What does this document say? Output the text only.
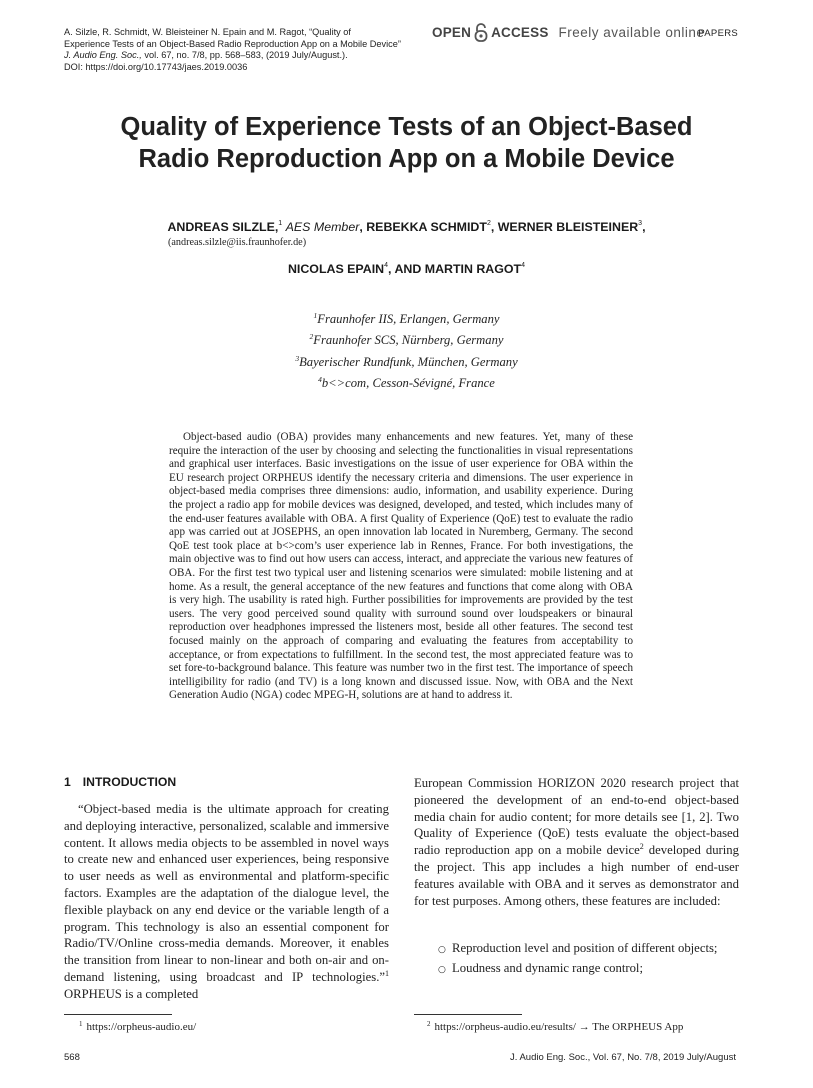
A. Silzle, R. Schmidt, W. Bleisteiner N. Epain and M. Ragot, “Quality of
Experience Tests of an Object-Based Radio Reproduction App on a Mobile Device”
J. Audio Eng. Soc., vol. 67, no. 7/8, pp. 568–583, (2019 July/August.).
DOI: https://doi.org/10.17743/jaes.2019.0036
OPEN ACCESS Freely available online
PAPERS
Quality of Experience Tests of an Object-Based
Radio Reproduction App on a Mobile Device
ANDREAS SILZLE,$^1$ AES Member, REBEKKA SCHMIDT$^2$, WERNER BLEISTEINER$^3$,
(andreas.silzle@iis.fraunhofer.de)
NICOLAS EPAIN$^4$, AND MARTIN RAGOT$^4$
$^1$Fraunhofer IIS, Erlangen, Germany
$^2$Fraunhofer SCS, Nürnberg, Germany
$^3$Bayerischer Rundfunk, München, Germany
$^4$b<>com, Cesson-Sévigné, France
Object-based audio (OBA) provides many enhancements and new features. Yet, many of these require the interaction of the user by choosing and selecting the functionalities in visual representations and graphical user interfaces. Basic investigations on the issue of user experience for OBA within the EU research project ORPHEUS identify the necessary criteria and dimensions. The user experience in object-based media comprises three dimensions: audio, information, and usability experience. During the project a radio app for mobile devices was designed, developed, and tested, which includes many of the end-user features available with OBA. A first Quality of Experience (QoE) test to evaluate the radio app was carried out at JOSEPHS, an open innovation lab located in Nuremberg, Germany. The second QoE test took place at b<>com’s user experience lab in Rennes, France. For both investigations, the main objective was to find out how users can access, interact, and appreciate the various new features of OBA. For the first test two typical user and listening scenarios were simulated: mobile listening and at home. As a result, the general acceptance of the new features and functions that come along with OBA is very high. The usability is rated high. Further possibilities for improvements are provided by the test users. The very good perceived sound quality with surround sound over loudspeakers or binaural reproduction over headphones impressed the listeners most, beside all other features. The second test focused mainly on the approach of comparing and evaluating the features from acceptability to acceptance, or from expectations to fulfillment. In the second test, the most appreciated feature was to set fore-to-background balance. This feature was number two in the first test. The importance of speech intelligibility for radio (and TV) is a long known and discussed issue. Now, with OBA and the Next Generation Audio (NGA) codec MPEG-H, solutions are at hand to address it.
1 INTRODUCTION
“Object-based media is the ultimate approach for creating and deploying interactive, personalized, scalable and immersive content. It allows media objects to be assembled in novel ways to create new and enhanced user experiences, being responsive to user needs as well as environmental and platform-specific factors. Examples are the adaptation of the dialogue level, the flexible playback on any end device or the variable length of a program. This technology is also an essential component for Radio/TV/Online cross-media demands. Moreover, it enables the transition from linear to non-linear and both on-air and on-demand listening, using broadcast and IP technologies.”$^1$ ORPHEUS is a completed
European Commission HORIZON 2020 research project that pioneered the development of an end-to-end object-based media chain for audio content; for more details see [1, 2]. Two Quality of Experience (QoE) tests evaluate the object-based radio reproduction app on a mobile device$^2$ developed during the project. This app includes a high number of end-user features available with OBA and it serves as demonstrator and for test purposes. Among others, these features are included:
○ Reproduction level and position of different objects;
○ Loudness and dynamic range control;
$^1$ https://orpheus-audio.eu/	$^2$ https://orpheus-audio.eu/results/ → The ORPHEUS App
568	J. Audio Eng. Soc., Vol. 67, No. 7/8, 2019 July/August
